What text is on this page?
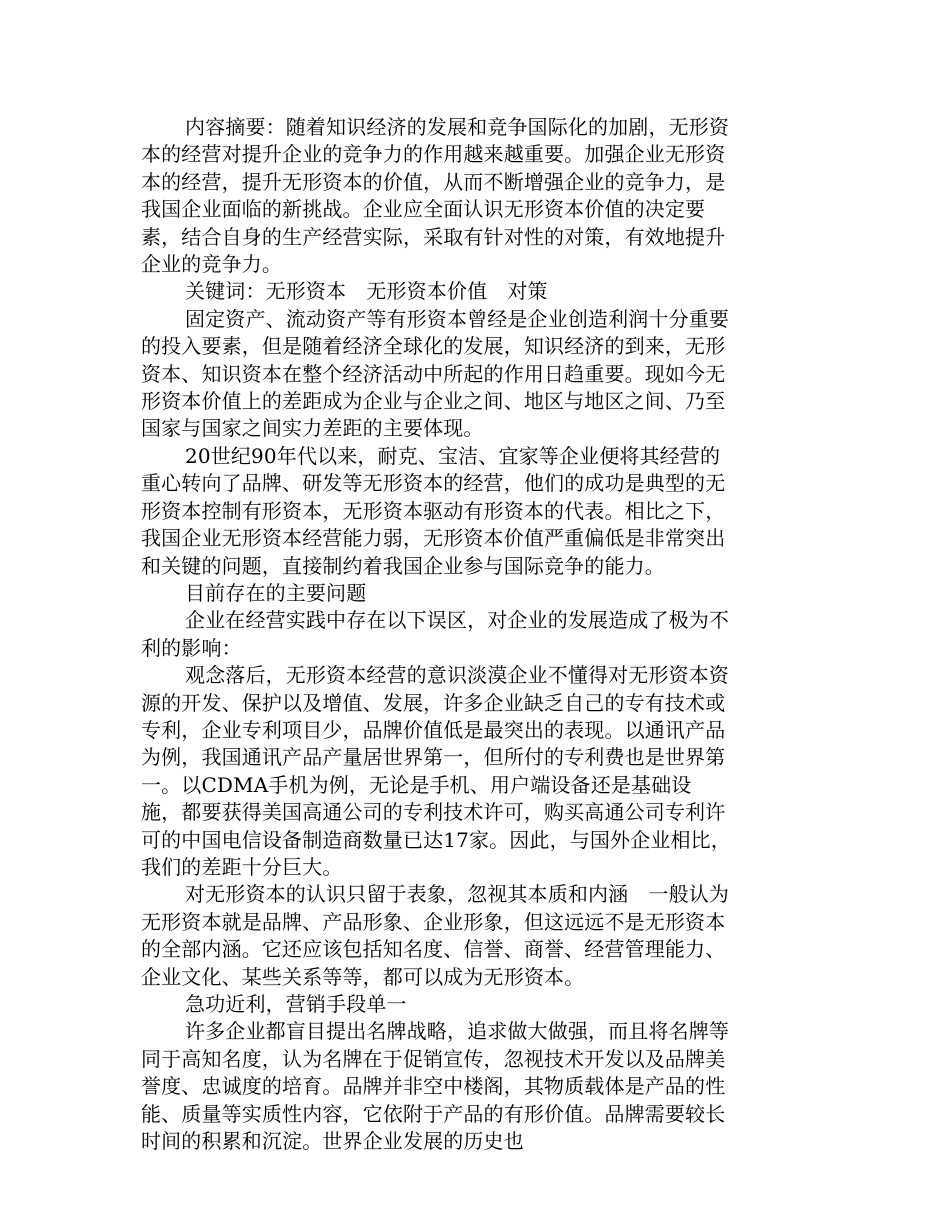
内容摘要：随着知识经济的发展和竞争国际化的加剧，无形资本的经营对提升企业的竞争力的作用越来越重要。加强企业无形资本的经营，提升无形资本的价值，从而不断增强企业的竞争力，是我国企业面临的新挑战。企业应全面认识无形资本价值的决定要素，结合自身的生产经营实际，采取有针对性的对策，有效地提升企业的竞争力。

关键词：无形资本　无形资本价值　对策

固定资产、流动资产等有形资本曾经是企业创造利润十分重要的投入要素，但是随着经济全球化的发展，知识经济的到来，无形资本、知识资本在整个经济活动中所起的作用日趋重要。现如今无形资本价值上的差距成为企业与企业之间、地区与地区之间、乃至国家与国家之间实力差距的主要体现。

20世纪90年代以来，耐克、宝洁、宜家等企业便将其经营的重心转向了品牌、研发等无形资本的经营，他们的成功是典型的无形资本控制有形资本，无形资本驱动有形资本的代表。相比之下，我国企业无形资本经营能力弱，无形资本价值严重偏低是非常突出和关键的问题，直接制约着我国企业参与国际竞争的能力。

目前存在的主要问题

企业在经营实践中存在以下误区，对企业的发展造成了极为不利的影响：

观念落后，无形资本经营的意识淡漠企业不懂得对无形资本资源的开发、保护以及增值、发展，许多企业缺乏自己的专有技术或专利，企业专利项目少，品牌价值低是最突出的表现。以通讯产品为例，我国通讯产品产量居世界第一，但所付的专利费也是世界第一。以CDMA手机为例，无论是手机、用户端设备还是基础设施，都要获得美国高通公司的专利技术许可，购买高通公司专利许可的中国电信设备制造商数量已达17家。因此，与国外企业相比，我们的差距十分巨大。

对无形资本的认识只留于表象，忽视其本质和内涵　一般认为无形资本就是品牌、产品形象、企业形象，但这远远不是无形资本的全部内涵。它还应该包括知名度、信誉、商誉、经营管理能力、企业文化、某些关系等等，都可以成为无形资本。

急功近利，营销手段单一

许多企业都盲目提出名牌战略，追求做大做强，而且将名牌等同于高知名度，认为名牌在于促销宣传，忽视技术开发以及品牌美誉度、忠诚度的培育。品牌并非空中楼阁，其物质载体是产品的性能、质量等实质性内容，它依附于产品的有形价值。品牌需要较长时间的积累和沉淀。世界企业发展的历史也
